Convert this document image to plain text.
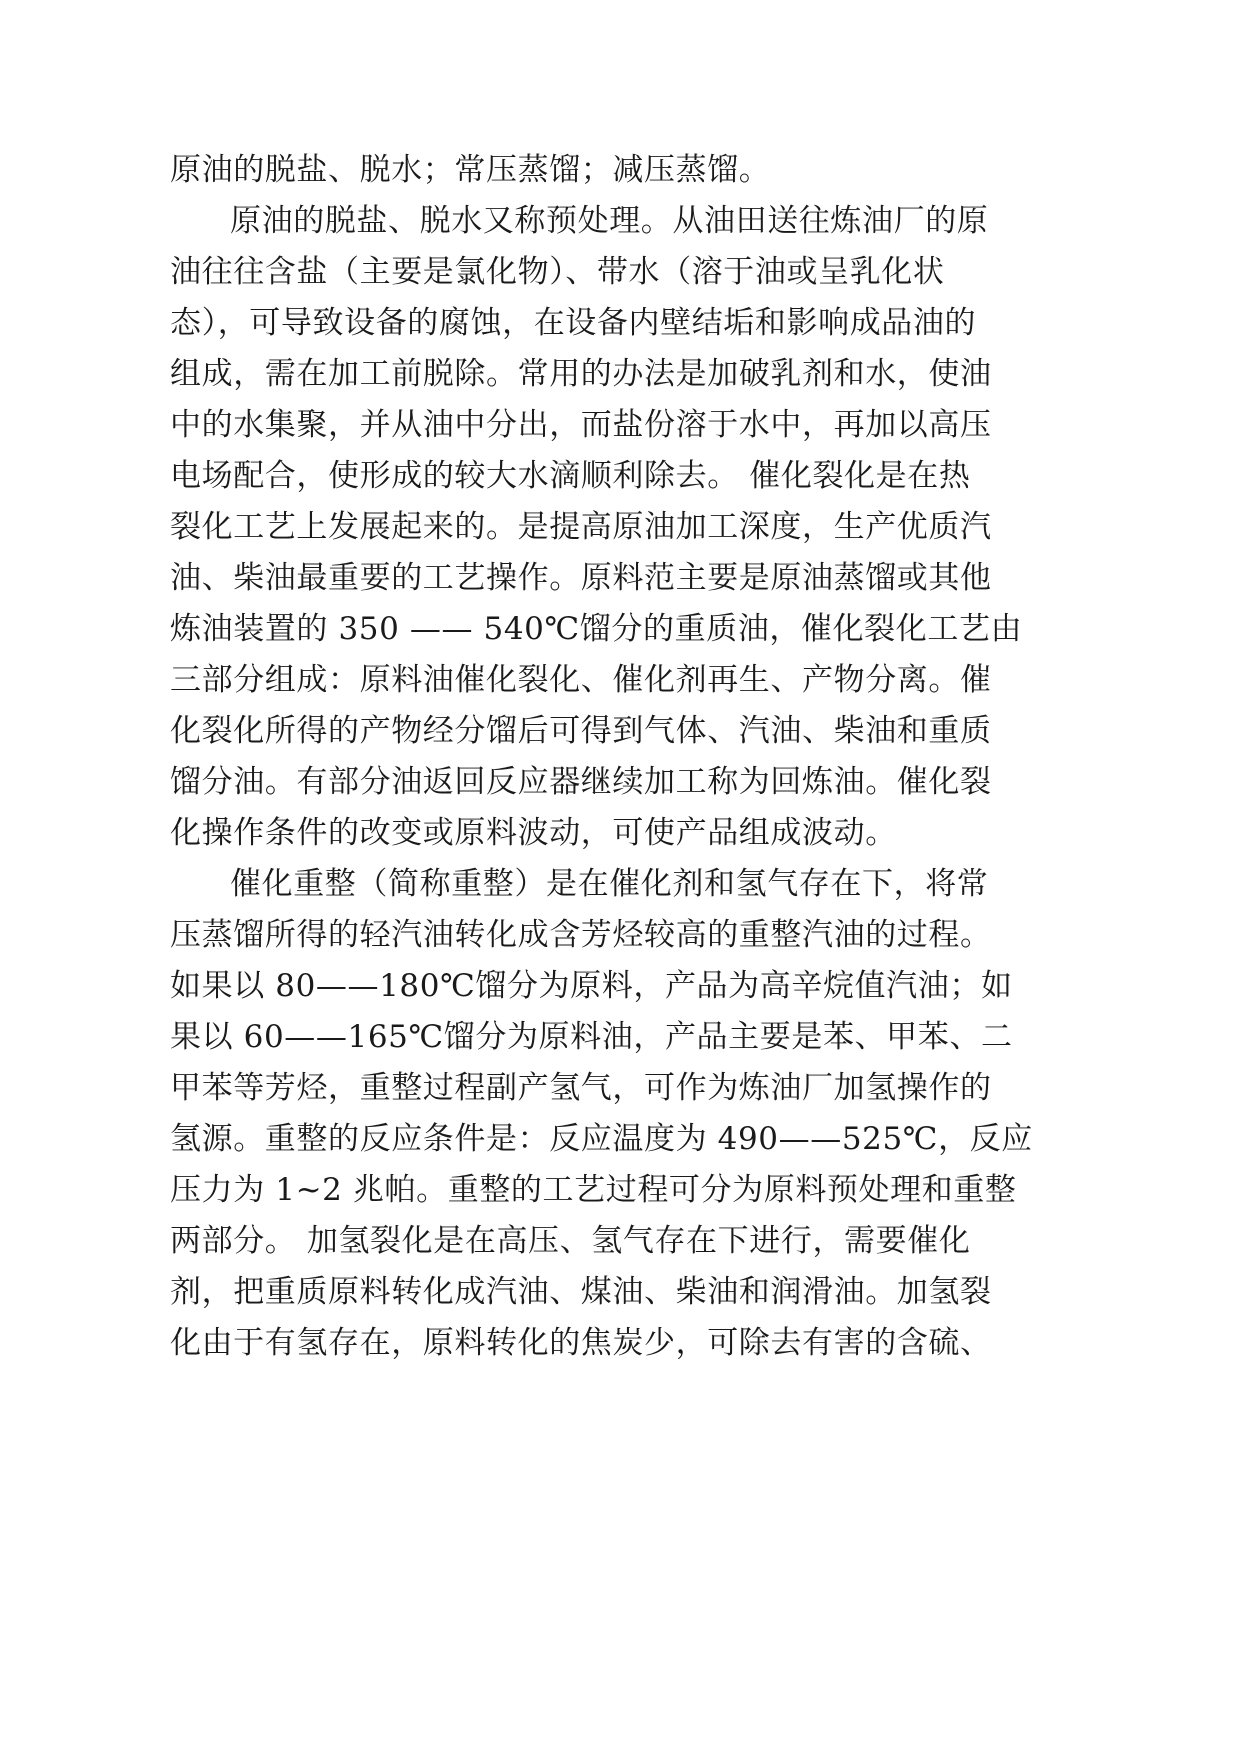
原油的脱盐、脱水；常压蒸馏；减压蒸馏。
原油的脱盐、脱水又称预处理。从油田送往炼油厂的原
油往往含盐（主要是氯化物）、带水（溶于油或呈乳化状
态），可导致设备的腐蚀，在设备内壁结垢和影响成品油的
组成，需在加工前脱除。常用的办法是加破乳剂和水，使油
中的水集聚，并从油中分出，而盐份溶于水中，再加以高压
电场配合，使形成的较大水滴顺利除去。 催化裂化是在热
裂化工艺上发展起来的。是提高原油加工深度，生产优质汽
油、柴油最重要的工艺操作。原料范主要是原油蒸馏或其他
炼油装置的 350 —— 540℃馏分的重质油，催化裂化工艺由
三部分组成：原料油催化裂化、催化剂再生、产物分离。催
化裂化所得的产物经分馏后可得到气体、汽油、柴油和重质
馏分油。有部分油返回反应器继续加工称为回炼油。催化裂
化操作条件的改变或原料波动，可使产品组成波动。
催化重整（简称重整）是在催化剂和氢气存在下，将常
压蒸馏所得的轻汽油转化成含芳烃较高的重整汽油的过程。
如果以 80——180℃馏分为原料，产品为高辛烷值汽油；如
果以 60——165℃馏分为原料油，产品主要是苯、甲苯、二
甲苯等芳烃，重整过程副产氢气，可作为炼油厂加氢操作的
氢源。重整的反应条件是：反应温度为 490——525℃，反应
压力为 1~2 兆帕。重整的工艺过程可分为原料预处理和重整
两部分。 加氢裂化是在高压、氢气存在下进行，需要催化
剂，把重质原料转化成汽油、煤油、柴油和润滑油。加氢裂
化由于有氢存在，原料转化的焦炭少，可除去有害的含硫、
